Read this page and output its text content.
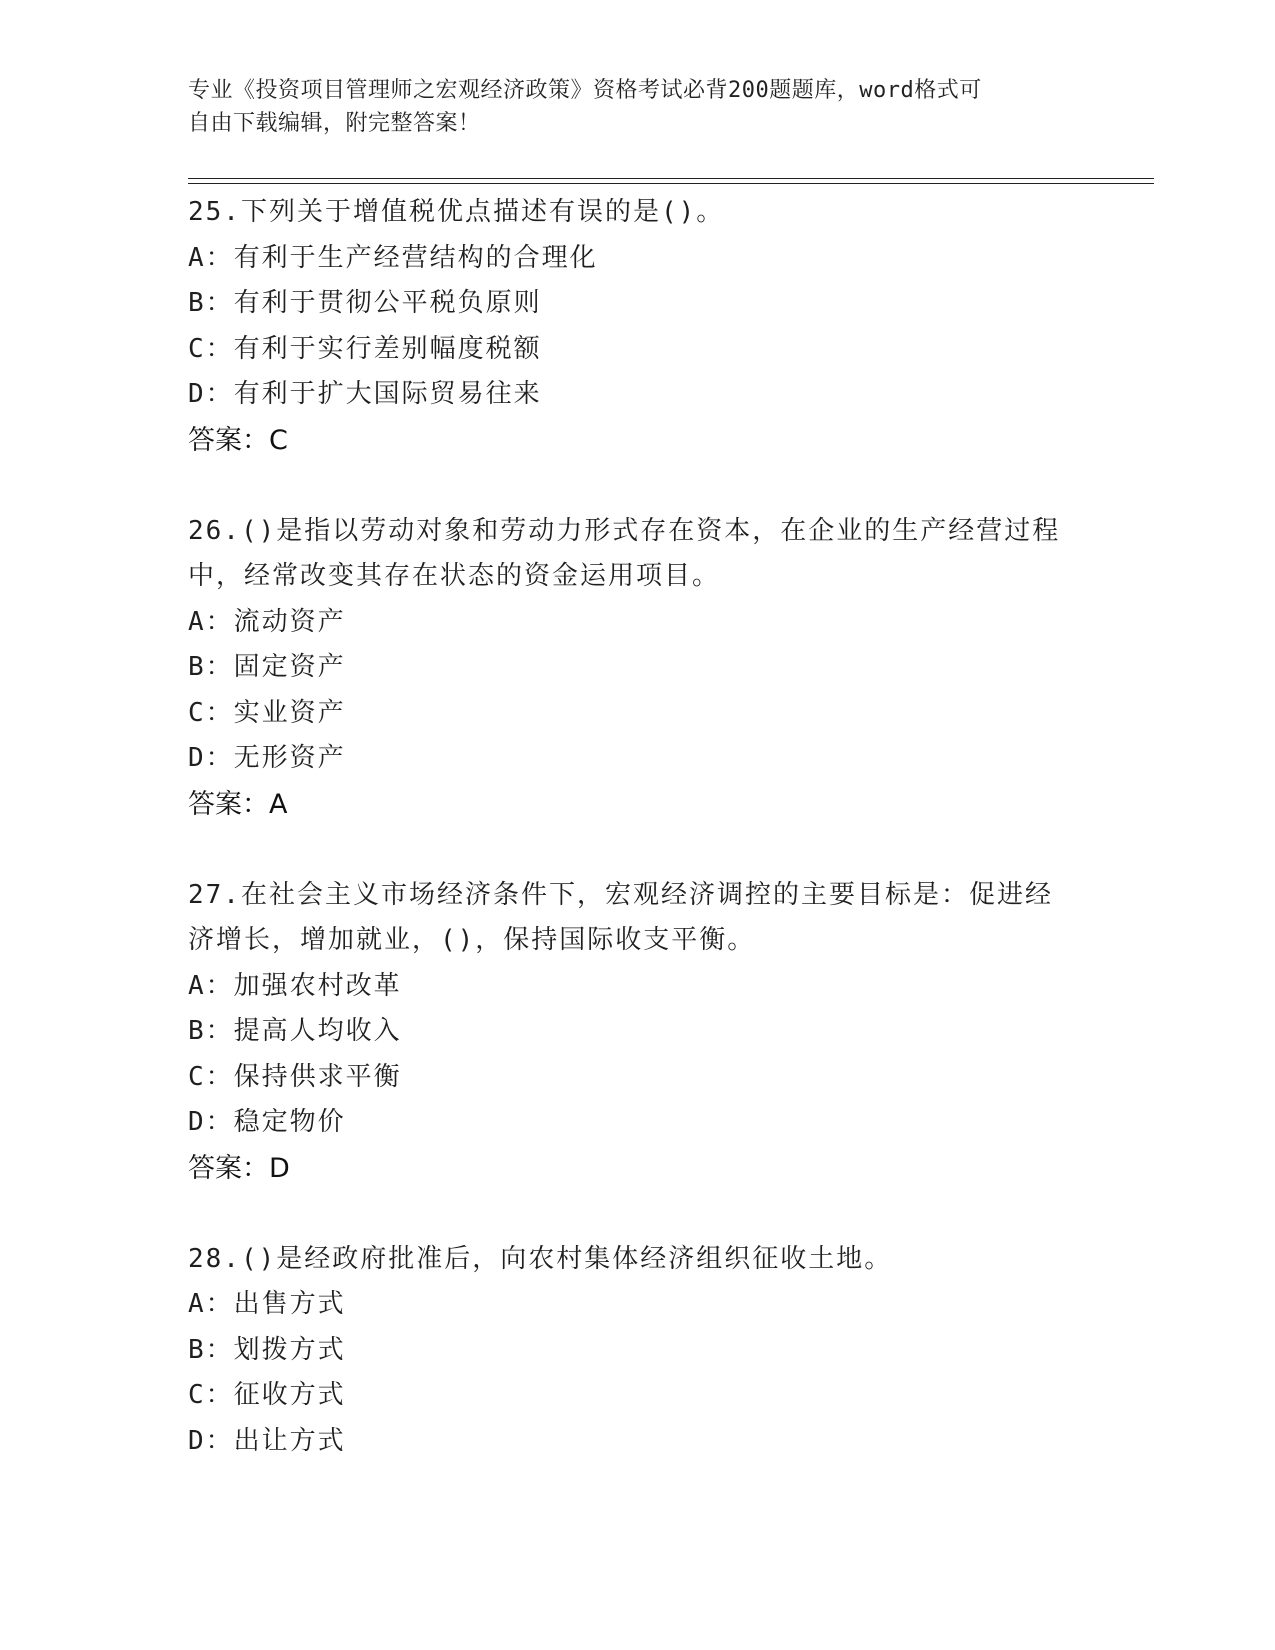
专业《投资项目管理师之宏观经济政策》资格考试必背200题题库，word格式可
自由下载编辑，附完整答案！

25.下列关于增值税优点描述有误的是()。

A：有利于生产经营结构的合理化

B：有利于贯彻公平税负原则

C：有利于实行差别幅度税额

D：有利于扩大国际贸易往来

答案：C

26.()是指以劳动对象和劳动力形式存在资本，在企业的生产经营过程

中，经常改变其存在状态的资金运用项目。

A：流动资产

B：固定资产

C：实业资产

D：无形资产

答案：A

27.在社会主义市场经济条件下，宏观经济调控的主要目标是：促进经

济增长，增加就业，()，保持国际收支平衡。

A：加强农村改革

B：提高人均收入

C：保持供求平衡

D：稳定物价

答案：D

28.()是经政府批准后，向农村集体经济组织征收土地。

A：出售方式

B：划拨方式

C：征收方式

D：出让方式
